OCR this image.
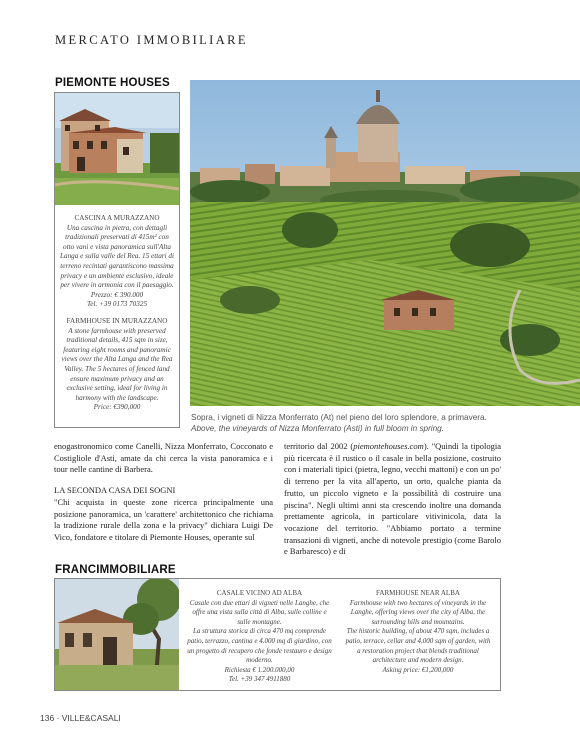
MERCATO IMMOBILIARE
PIEMONTE HOUSES
CASCINA A MURAZZANO
Una cascina in pietra, con dettagli tradizionali preservati di 415m² con otto vani e vista panoramica sull'Alta Langa e sulla valle del Rea. 15 ettari di terreno recintati garantiscono massima privacy e un ambiente esclusivo, ideale per vivere in armonia con il paesaggio.
Prezzo: € 390.000
Tel. +39 0173 70325
FARMHOUSE IN MURAZZANO
A stone farmhouse with preserved traditional details, 415 sqm in size, featuring eight rooms and panoramic views over the Alta Langa and the Rea Valley. The 5 hectares of fenced land ensure maximum privacy and an exclusive setting, ideal for living in harmony with the landscape.
Price: €390,000
Sopra, i vigneti di Nizza Monferrato (At) nel pieno del loro splendore, a primavera.
Above, the vineyards of Nizza Monferrato (Asti) in full bloom in spring.

enogastronomico come Canelli, Nizza Monferrato, Cocconato e Costigliole d'Asti, amate da chi cerca la vista panoramica e i tour nelle cantine di Barbera.

LA SECONDA CASA DEI SOGNI

"Chi acquista in queste zone ricerca principalmente una posizione panoramica, un 'carattere' architettonico che richiama la tradizione rurale della zona e la privacy" dichiara Luigi De Vico, fondatore e titolare di Piemonte Houses, operante sul

territorio dal 2002 (piemontehouses.com). "Quindi la tipologia più ricercata è il rustico o il casale in bella posizione, costruito con i materiali tipici (pietra, legno, vecchi mattoni) e con un po' di terreno per la vita all'aperto, un orto, qualche pianta da frutto, un piccolo vigneto e la possibilità di costruire una piscina". Negli ultimi anni sta crescendo inoltre una domanda prettamente agricola, in particolare vitivinicola, data la vocazione del territorio. "Abbiamo portato a termine transazioni di vigneti, anche di notevole prestigio (come Barolo e Barbaresco) e di

FRANCIMMOBILIARE
CASALE VICINO AD ALBA
Casale con due ettari di vigneti nelle Langhe, che offre una vista sulla città di Alba, sulle colline e sulle montagne.
La struttura storica di circa 470 mq comprende patio, terrazzo, cantina e 4.000 mq di giardino, con un progetto di recupero che fonde restauro e design moderno.
Richiesta € 1.200.000,00
Tel. +39 347 4911880
FARMHOUSE NEAR ALBA
Farmhouse with two hectares of vineyards in the Langhe, offering views over the city of Alba, the surrounding hills and mountains.
The historic building, of about 470 sqm, includes a patio, terrace, cellar and 4,000 sqm of garden, with a restoration project that blends traditional architecture and modern design.
Asking price: €1,200,000
136 · VILLE&CASALI
